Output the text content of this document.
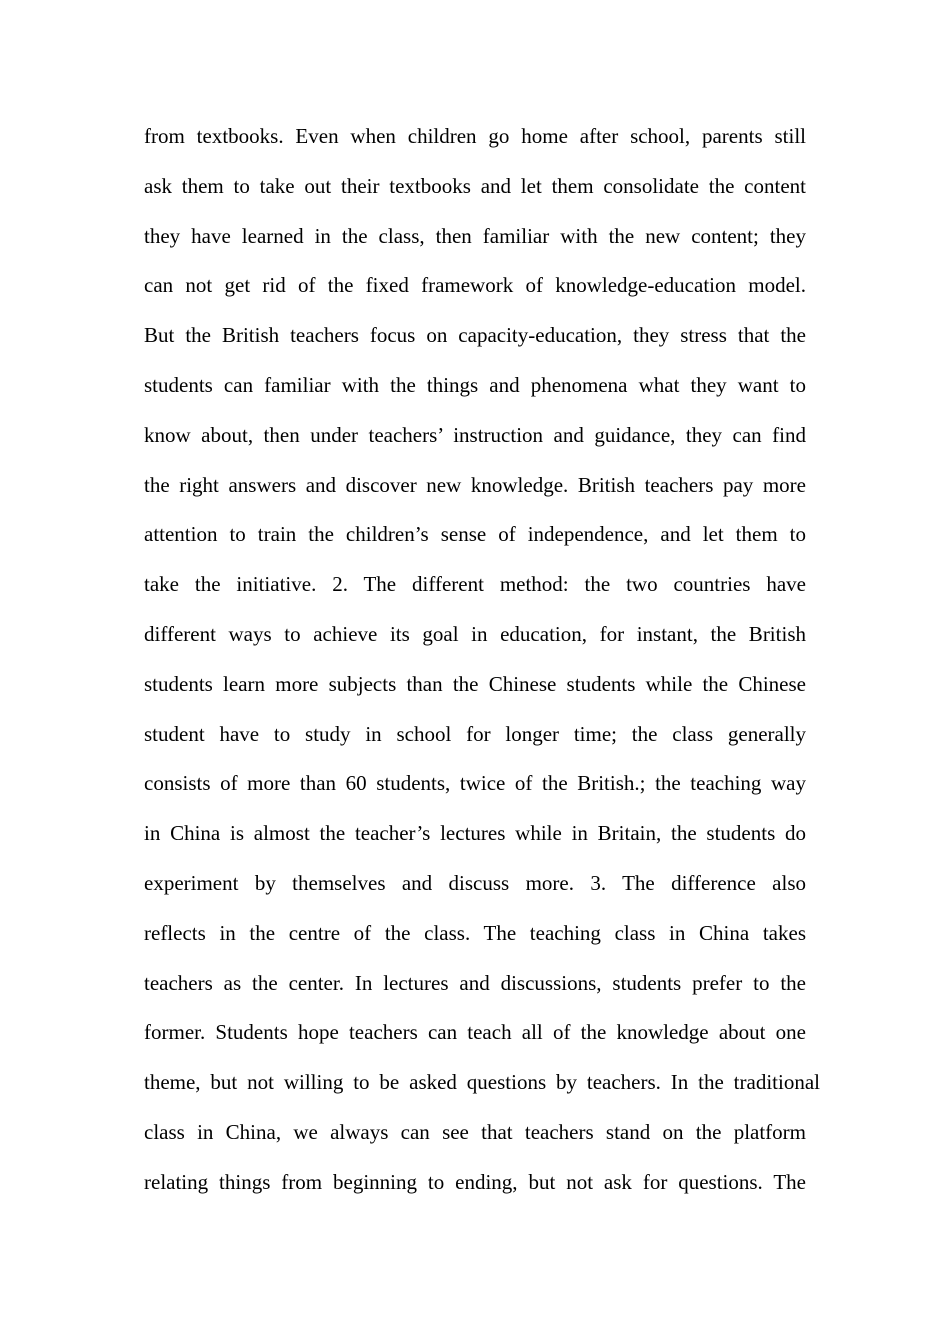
from textbooks. Even when children go home after school, parents still
ask them to take out their textbooks and let them consolidate the content
they have learned in the class, then familiar with the new content; they
can not get rid of the fixed framework of knowledge-education model.
But the British teachers focus on capacity-education, they stress that the
students can familiar with the things and phenomena what they want to
know about, then under teachers’ instruction and guidance, they can find
the right answers and discover new knowledge. British teachers pay more
attention to train the children’s sense of independence, and let them to
take the initiative. 2. The different method: the two countries have
different ways to achieve its goal in education, for instant, the British
students learn more subjects than the Chinese students while the Chinese
student have to study in school for longer time; the class generally
consists of more than 60 students, twice of the British.; the teaching way
in China is almost the teacher’s lectures while in Britain, the students do
experiment by themselves and discuss more. 3. The difference also
reflects in the centre of the class. The teaching class in China takes
teachers as the center. In lectures and discussions, students prefer to the
former. Students hope teachers can teach all of the knowledge about one
theme, but not willing to be asked questions by teachers. In the traditional
class in China, we always can see that teachers stand on the platform
relating things from beginning to ending, but not ask for questions. The
